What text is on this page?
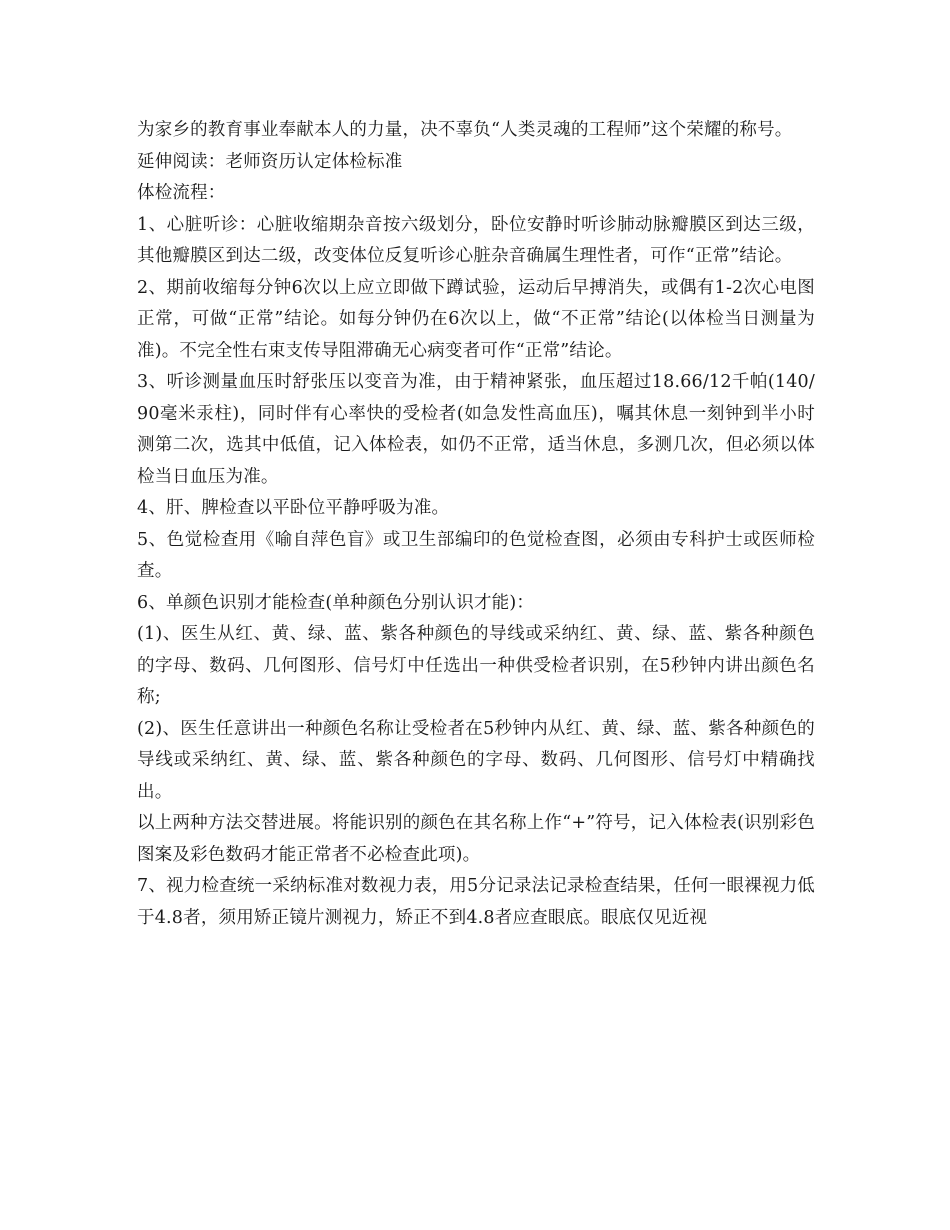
为家乡的教育事业奉献本人的力量，决不辜负“人类灵魂的工程师”这个荣耀的称号。

延伸阅读：老师资历认定体检标准

体检流程：

1、心脏听诊：心脏收缩期杂音按六级划分，卧位安静时听诊肺动脉瓣膜区到达三级，其他瓣膜区到达二级，改变体位反复听诊心脏杂音确属生理性者，可作“正常”结论。

2、期前收缩每分钟6次以上应立即做下蹲试验，运动后早搏消失，或偶有1-2次心电图正常，可做“正常”结论。如每分钟仍在6次以上，做“不正常”结论(以体检当日测量为准)。不完全性右束支传导阻滞确无心病变者可作“正常”结论。

3、听诊测量血压时舒张压以变音为准，由于精神紧张，血压超过18.66/12千帕(140/90毫米汞柱)，同时伴有心率快的受检者(如急发性高血压)，嘱其休息一刻钟到半小时测第二次，选其中低值，记入体检表，如仍不正常，适当休息，多测几次，但必须以体检当日血压为准。

4、肝、脾检查以平卧位平静呼吸为准。

5、色觉检查用《喻自萍色盲》或卫生部编印的色觉检查图，必须由专科护士或医师检查。

6、单颜色识别才能检查(单种颜色分别认识才能)：

(1)、医生从红、黄、绿、蓝、紫各种颜色的导线或采纳红、黄、绿、蓝、紫各种颜色的字母、数码、几何图形、信号灯中任选出一种供受检者识别，在5秒钟内讲出颜色名称;

(2)、医生任意讲出一种颜色名称让受检者在5秒钟内从红、黄、绿、蓝、紫各种颜色的导线或采纳红、黄、绿、蓝、紫各种颜色的字母、数码、几何图形、信号灯中精确找出。

以上两种方法交替进展。将能识别的颜色在其名称上作“+”符号，记入体检表(识别彩色图案及彩色数码才能正常者不必检查此项)。

7、视力检查统一采纳标准对数视力表，用5分记录法记录检查结果，任何一眼裸视力低于4.8者，须用矫正镜片测视力，矫正不到4.8者应查眼底。眼底仅见近视
